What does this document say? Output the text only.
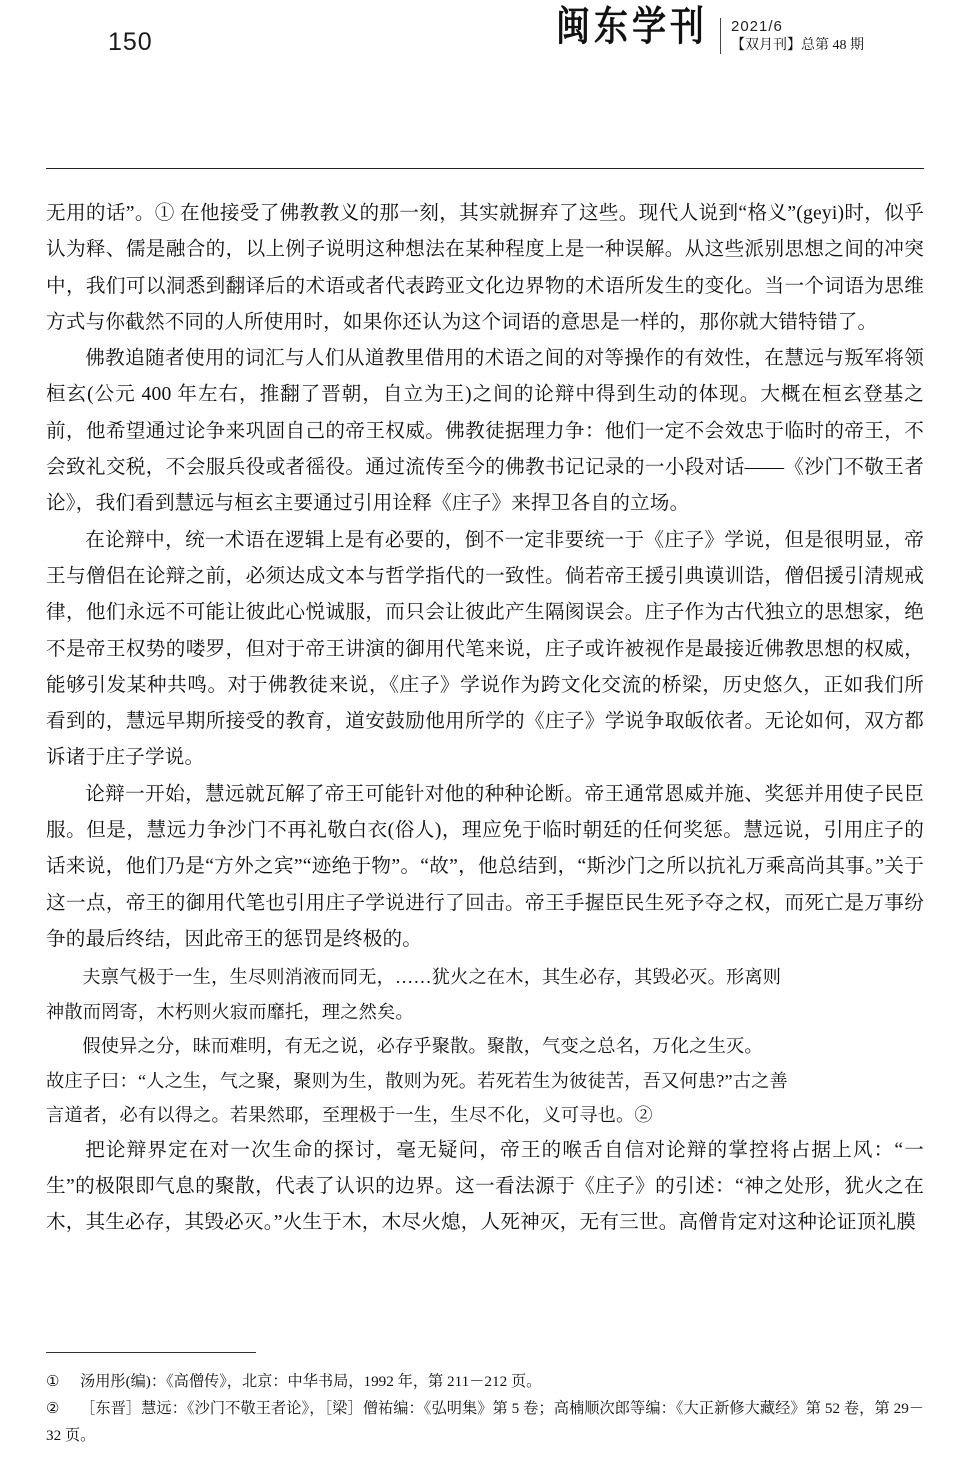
150	闽东学刊 2021/6
【双月刊】总第 48 期

无用的话”。① 在他接受了佛教教义的那一刻，其实就摒弃了这些。现代人说到“格义”(geyi)时，似乎认为释、儒是融合的，以上例子说明这种想法在某种程度上是一种误解。从这些派别思想之间的冲突中，我们可以洞悉到翻译后的术语或者代表跨亚文化边界物的术语所发生的变化。当一个词语为思维方式与你截然不同的人所使用时，如果你还认为这个词语的意思是一样的，那你就大错特错了。

佛教追随者使用的词汇与人们从道教里借用的术语之间的对等操作的有效性，在慧远与叛军将领桓玄(公元 400 年左右，推翻了晋朝，自立为王)之间的论辩中得到生动的体现。大概在桓玄登基之前，他希望通过论争来巩固自己的帝王权威。佛教徒据理力争：他们一定不会效忠于临时的帝王，不会致礼交税，不会服兵役或者徭役。通过流传至今的佛教书记记录的一小段对话——《沙门不敬王者论》，我们看到慧远与桓玄主要通过引用诠释《庄子》来捍卫各自的立场。

在论辩中，统一术语在逻辑上是有必要的，倒不一定非要统一于《庄子》学说，但是很明显，帝王与僧侣在论辩之前，必须达成文本与哲学指代的一致性。倘若帝王援引典谟训诰，僧侣援引清规戒律，他们永远不可能让彼此心悦诚服，而只会让彼此产生隔阂误会。庄子作为古代独立的思想家，绝不是帝王权势的喽罗，但对于帝王讲演的御用代笔来说，庄子或许被视作是最接近佛教思想的权威，能够引发某种共鸣。对于佛教徒来说，《庄子》学说作为跨文化交流的桥梁，历史悠久，正如我们所看到的，慧远早期所接受的教育，道安鼓励他用所学的《庄子》学说争取皈依者。无论如何，双方都诉诸于庄子学说。

论辩一开始，慧远就瓦解了帝王可能针对他的种种论断。帝王通常恩威并施、奖惩并用使子民臣服。但是，慧远力争沙门不再礼敬白衣(俗人)，理应免于临时朝廷的任何奖惩。慧远说，引用庄子的话来说，他们乃是“方外之宾”“迹绝于物”。“故”，他总结到，“斯沙门之所以抗礼万乘高尚其事。”关于这一点，帝王的御用代笔也引用庄子学说进行了回击。帝王手握臣民生死予夺之权，而死亡是万事纷争的最后终结，因此帝王的惩罚是终极的。

夫禀气极于一生，生尽则消液而同无，……犹火之在木，其生必存，其毁必灭。形离则

神散而罔寄，木朽则火寂而靡托，理之然矣。

假使异之分，昧而难明，有无之说，必存乎聚散。聚散，气变之总名，万化之生灭。

故庄子曰：“人之生，气之聚，聚则为生，散则为死。若死若生为彼徒苦，吾又何患?”古之善

言道者，必有以得之。若果然耶，至理极于一生，生尽不化，义可寻也。②

把论辩界定在对一次生命的探讨，毫无疑问，帝王的喉舌自信对论辩的掌控将占据上风：“一生”的极限即气息的聚散，代表了认识的边界。这一看法源于《庄子》的引述：“神之处形，犹火之在木，其生必存，其毁必灭。”火生于木，木尽火熄，人死神灭，无有三世。高僧肯定对这种论证顶礼膜

① 汤用彤(编)：《高僧传》，北京：中华书局，1992 年，第 211－212 页。

② ［东晋］慧远：《沙门不敬王者论》，［梁］僧祐编：《弘明集》第 5 卷；高楠顺次郎等编：《大正新修大藏经》第 52 卷，第 29－32 页。
